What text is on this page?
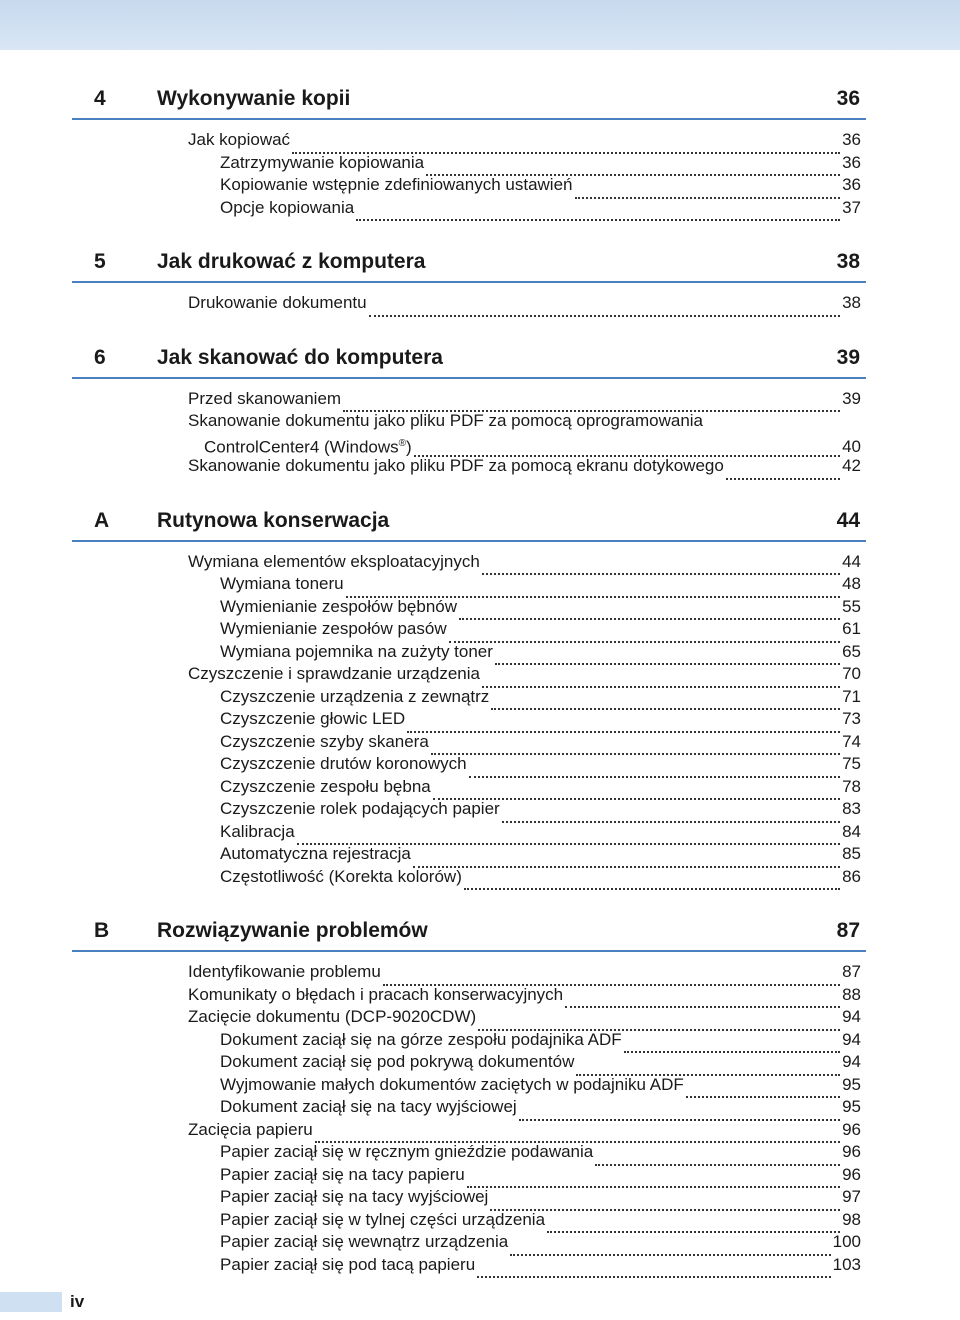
4 Wykonywanie kopii	36
Jak kopiować	36
Zatrzymywanie kopiowania	36
Kopiowanie wstępnie zdefiniowanych ustawień	36
Opcje kopiowania	37
5 Jak drukować z komputera	38
Drukowanie dokumentu	38
6 Jak skanować do komputera	39
Przed skanowaniem	39
Skanowanie dokumentu jako pliku PDF za pomocą oprogramowania
ControlCenter4 (Windows®)	40
Skanowanie dokumentu jako pliku PDF za pomocą ekranu dotykowego	42
A Rutynowa konserwacja	44
Wymiana elementów eksploatacyjnych	44
Wymiana toneru	48
Wymienianie zespołów bębnów	55
Wymienianie zespołów pasów	61
Wymiana pojemnika na zużyty toner	65
Czyszczenie i sprawdzanie urządzenia	70
Czyszczenie urządzenia z zewnątrz	71
Czyszczenie głowic LED	73
Czyszczenie szyby skanera	74
Czyszczenie drutów koronowych	75
Czyszczenie zespołu bębna	78
Czyszczenie rolek podających papier	83
Kalibracja	84
Automatyczna rejestracja	85
Częstotliwość (Korekta kolorów)	86
B Rozwiązywanie problemów	87
Identyfikowanie problemu	87
Komunikaty o błędach i pracach konserwacyjnych	88
Zacięcie dokumentu (DCP-9020CDW)	94
Dokument zaciął się na górze zespołu podajnika ADF	94
Dokument zaciął się pod pokrywą dokumentów	94
Wyjmowanie małych dokumentów zaciętych w podajniku ADF	95
Dokument zaciął się na tacy wyjściowej	95
Zacięcia papieru	96
Papier zaciął się w ręcznym gnieździe podawania	96
Papier zaciął się na tacy papieru	96
Papier zaciął się na tacy wyjściowej	97
Papier zaciął się w tylnej części urządzenia	98
Papier zaciął się wewnątrz urządzenia	100
Papier zaciął się pod tacą papieru	103
iv
